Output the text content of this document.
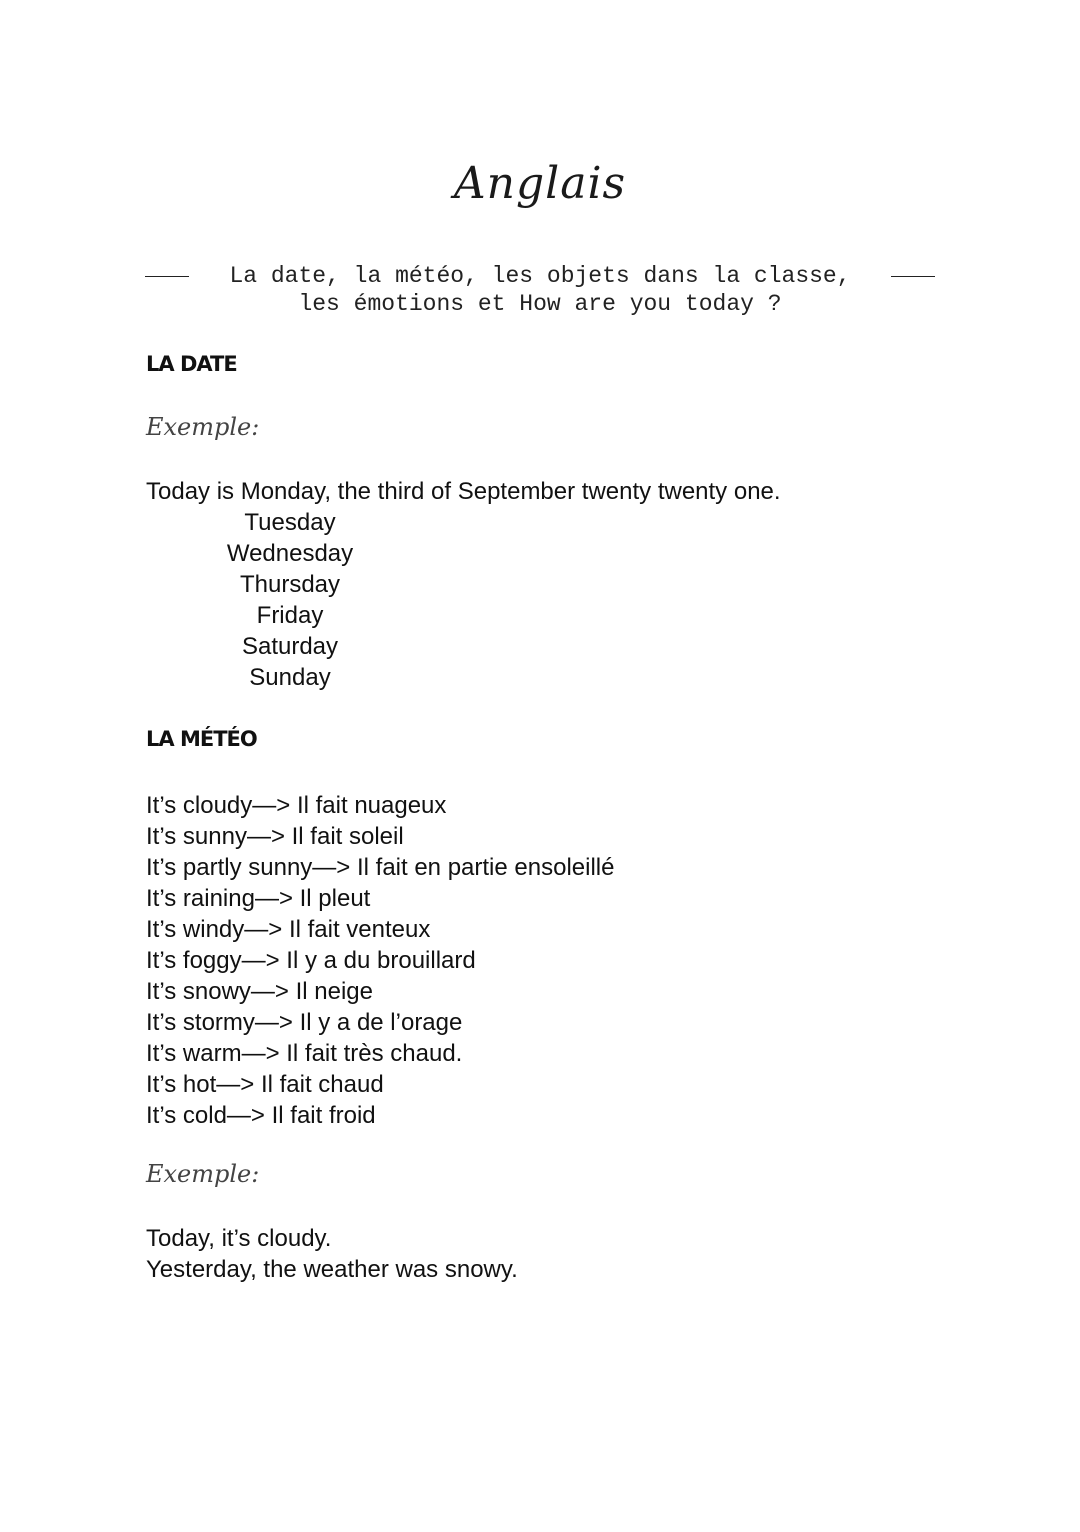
Anglais
La date, la météo, les objets dans la classe,
les émotions et How are you today ?
LA DATE
Exemple:
Today is Monday, the third of September twenty twenty one.
Tuesday
Wednesday
Thursday
Friday
Saturday
Sunday
LA MÉTÉO
It’s cloudy—> Il fait nuageux
It’s sunny—> Il fait soleil
It’s partly sunny—> Il fait en partie ensoleillé
It’s raining—> Il pleut
It’s windy—> Il fait venteux
It’s foggy—> Il y a du brouillard
It’s snowy—> Il neige
It’s stormy—> Il y a de l’orage
It’s warm—> Il fait très chaud.
It’s hot—> Il fait chaud
It’s cold—> Il fait froid
Exemple:
Today, it’s cloudy.
Yesterday, the weather was snowy.
